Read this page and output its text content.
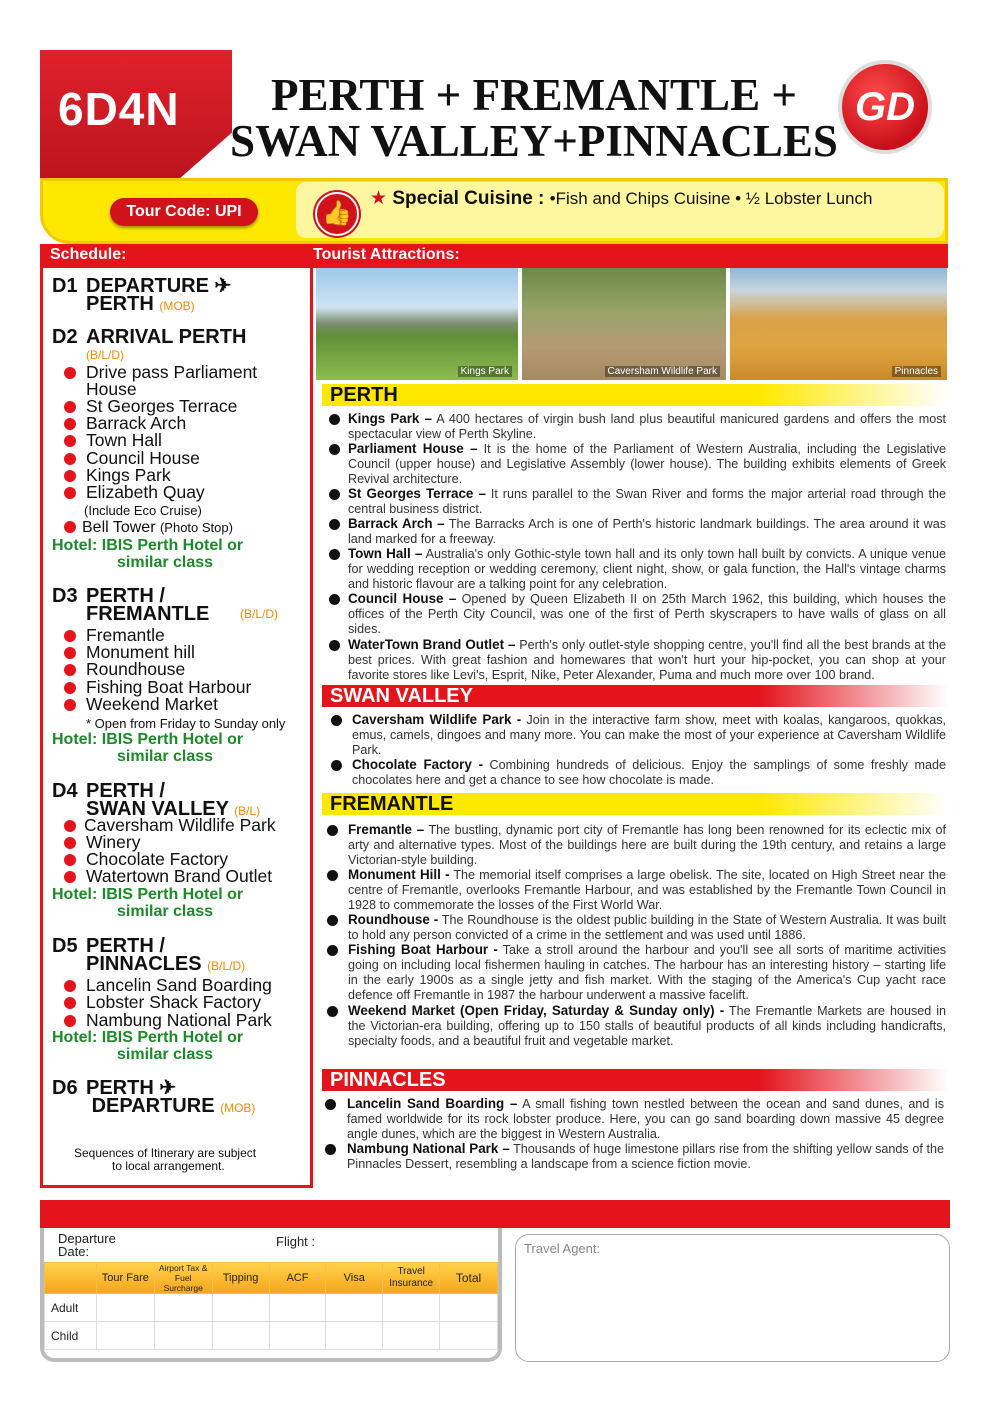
6D4N	PERTH + FREMANTLE +
SWAN VALLEY+PINNACLES
GD
Tour Code: UPI	👍
★ Special Cuisine : •Fish and Chips Cuisine • ½ Lobster Lunch
Schedule:	Tourist Attractions:
D1 DEPARTURE ✈
PERTH (MOB)
D2 ARRIVAL PERTH
(B/L/D)
Drive pass Parliament
House
St Georges Terrace
Barrack Arch
Town Hall
Council House
Kings Park
Elizabeth Quay
(Include Eco Cruise)
Bell Tower (Photo Stop)
Hotel: IBIS Perth Hotel or
similar class
D3 PERTH /
FREMANTLE	(B/L/D)
Fremantle
Monument hill
Roundhouse
Fishing Boat Harbour
Weekend Market
* Open from Friday to Sunday only
Hotel: IBIS Perth Hotel or
similar class
D4 PERTH /
SWAN VALLEY (B/L)
Caversham Wildlife Park
Winery
Chocolate Factory
Watertown Brand Outlet
Hotel: IBIS Perth Hotel or
similar class
D5 PERTH /
PINNACLES (B/L/D)
Lancelin Sand Boarding
Lobster Shack Factory
Nambung National Park
Hotel: IBIS Perth Hotel or
similar class
D6 PERTH ✈
DEPARTURE (MOB)
Sequences of Itinerary are subject
to local arrangement.
Kings Park	Caversham Wildlife Park	Pinnacles
PERTH
Kings Park – A 400 hectares of virgin bush land plus beautiful manicured gardens and offers the most spectacular view of Perth Skyline.
Parliament House – It is the home of the Parliament of Western Australia, including the Legislative Council (upper house) and Legislative Assembly (lower house). The building exhibits elements of Greek Revival architecture.
St Georges Terrace – It runs parallel to the Swan River and forms the major arterial road through the central business district.
Barrack Arch – The Barracks Arch is one of Perth's historic landmark buildings. The area around it was land marked for a freeway.
Town Hall – Australia's only Gothic-style town hall and its only town hall built by convicts. A unique venue for wedding reception or wedding ceremony, client night, show, or gala function, the Hall's vintage charms and historic flavour are a talking point for any celebration.
Council House – Opened by Queen Elizabeth II on 25th March 1962, this building, which houses the offices of the Perth City Council, was one of the first of Perth skyscrapers to have walls of glass on all sides.
WaterTown Brand Outlet – Perth's only outlet-style shopping centre, you'll find all the best brands at the best prices. With great fashion and homewares that won't hurt your hip-pocket, you can shop at your favorite stores like Levi's, Esprit, Nike, Peter Alexander, Puma and much more over 100 brand.
SWAN VALLEY
Caversham Wildlife Park - Join in the interactive farm show, meet with koalas, kangaroos, quokkas, emus, camels, dingoes and many more. You can make the most of your experience at Caversham Wildlife Park.
Chocolate Factory - Combining hundreds of delicious. Enjoy the samplings of some freshly made chocolates here and get a chance to see how chocolate is made.
FREMANTLE
Fremantle – The bustling, dynamic port city of Fremantle has long been renowned for its eclectic mix of arty and alternative types. Most of the buildings here are built during the 19th century, and retains a large Victorian-style building.
Monument Hill - The memorial itself comprises a large obelisk. The site, located on High Street near the centre of Fremantle, overlooks Fremantle Harbour, and was established by the Fremantle Town Council in 1928 to commemorate the losses of the First World War.
Roundhouse - The Roundhouse is the oldest public building in the State of Western Australia. It was built to hold any person convicted of a crime in the settlement and was used until 1886.
Fishing Boat Harbour - Take a stroll around the harbour and you'll see all sorts of maritime activities going on including local fishermen hauling in catches. The harbour has an interesting history – starting life in the early 1900s as a single jetty and fish market. With the staging of the America's Cup yacht race defence off Fremantle in 1987 the harbour underwent a massive facelift.
Weekend Market (Open Friday, Saturday & Sunday only) - The Fremantle Markets are housed in the Victorian-era building, offering up to 150 stalls of beautiful products of all kinds including handicrafts, specialty foods, and a beautiful fruit and vegetable market.
PINNACLES
Lancelin Sand Boarding – A small fishing town nestled between the ocean and sand dunes, and is famed worldwide for its rock lobster produce. Here, you can go sand boarding down massive 45 degree angle dunes, which are the biggest in Western Australia.
Nambung National Park – Thousands of huge limestone pillars rise from the shifting yellow sands of the Pinnacles Dessert, resembling a landscape from a science fiction movie.
Departure Date:
Flight :
	Tour Fare	Airport Tax & Fuel Surcharge	Tipping	ACF	Visa	Travel Insurance	Total
Adult							
Child							
Travel Agent:
